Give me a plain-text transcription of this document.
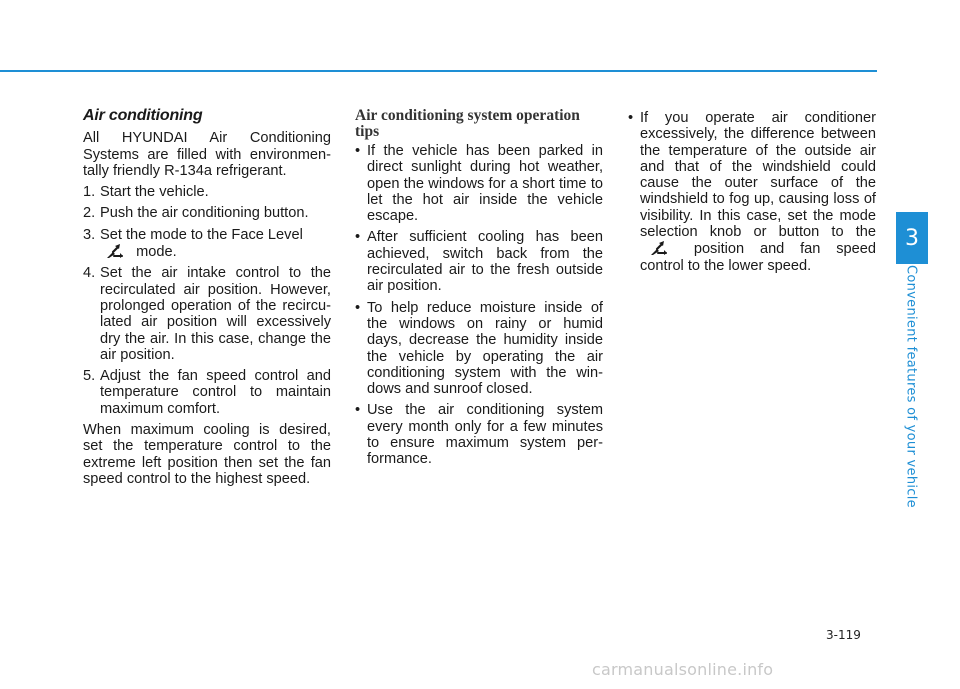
Air conditioning

All HYUNDAI Air Conditioning Systems are filled with environmen-tally friendly R-134a refrigerant.

1. Start the vehicle.
2. Push the air conditioning button.
3. Set the mode to the Face Level
mode.
4. Set the air intake control to the recirculated air position. However, prolonged operation of the recircu-lated air position will excessively dry the air. In this case, change the air position.
5. Adjust the fan speed control and temperature control to maintain maximum comfort.

When maximum cooling is desired, set the temperature control to the extreme left position then set the fan speed control to the highest speed.

Air conditioning system operation tips
• If the vehicle has been parked in direct sunlight during hot weather, open the windows for a short time to let the hot air inside the vehicle escape.
• After sufficient cooling has been achieved, switch back from the recirculated air to the fresh outside air position.
• To help reduce moisture inside of the windows on rainy or humid days, decrease the humidity inside the vehicle by operating the air conditioning system with the win-dows and sunroof closed.
• Use the air conditioning system every month only for a few minutes to ensure maximum system per-formance.
• If you operate air conditioner excessively, the difference between the temperature of the outside air and that of the windshield could cause the outer surface of the windshield to fog up, causing loss of visibility. In this case, set the mode selection knob or button to the  position and fan speed control to the lower speed.
3
Convenient features of your vehicle
3-119
carmanualsonline.info
